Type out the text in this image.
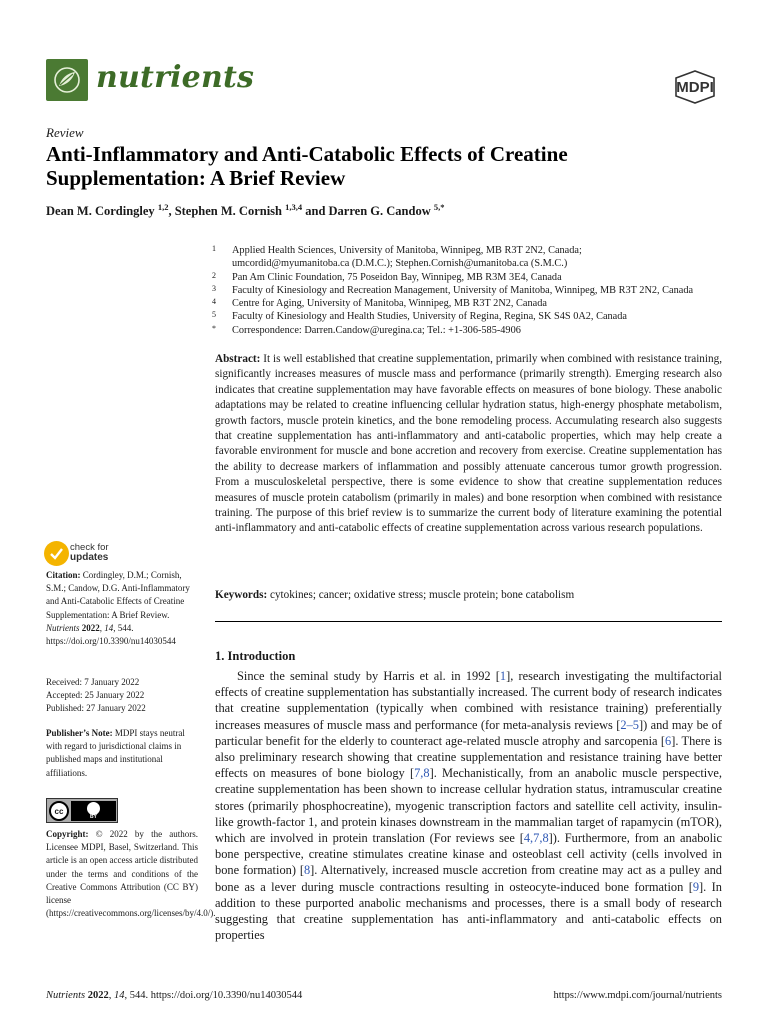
nutrients	MDPI
Review
Anti-Inflammatory and Anti-Catabolic Effects of Creatine Supplementation: A Brief Review
Dean M. Cordingley $^{1,2}$, Stephen M. Cornish $^{1,3,4}$ and Darren G. Candow $^{5,*}$
1 Applied Health Sciences, University of Manitoba, Winnipeg, MB R3T 2N2, Canada;
umcordid@myumanitoba.ca (D.M.C.); Stephen.Cornish@umanitoba.ca (S.M.C.)
2 Pan Am Clinic Foundation, 75 Poseidon Bay, Winnipeg, MB R3M 3E4, Canada
3 Faculty of Kinesiology and Recreation Management, University of Manitoba, Winnipeg, MB R3T 2N2, Canada
4 Centre for Aging, University of Manitoba, Winnipeg, MB R3T 2N2, Canada
5 Faculty of Kinesiology and Health Studies, University of Regina, Regina, SK S4S 0A2, Canada
* Correspondence: Darren.Candow@uregina.ca; Tel.: +1-306-585-4906
Abstract: It is well established that creatine supplementation, primarily when combined with resistance training, significantly increases measures of muscle mass and performance (primarily strength). Emerging research also indicates that creatine supplementation may have favorable effects on measures of bone biology. These anabolic adaptations may be related to creatine influencing cellular hydration status, high-energy phosphate metabolism, growth factors, muscle protein kinetics, and the bone remodeling process. Accumulating research also suggests that creatine supplementation has anti-inflammatory and anti-catabolic properties, which may help create a favorable environment for muscle and bone accretion and recovery from exercise. Creatine supplementation has the ability to decrease markers of inflammation and possibly attenuate cancerous tumor growth progression. From a musculoskeletal perspective, there is some evidence to show that creatine supplementation reduces measures of muscle protein catabolism (primarily in males) and bone resorption when combined with resistance training. The purpose of this brief review is to summarize the current body of literature examining the potential anti-inflammatory and anti-catabolic effects of creatine supplementation across various research populations.
Keywords: cytokines; cancer; oxidative stress; muscle protein; bone catabolism
1. Introduction
Since the seminal study by Harris et al. in 1992 [1], research investigating the multifactorial effects of creatine supplementation has substantially increased. The current body of research indicates that creatine supplementation (typically when combined with resistance training) preferentially increases measures of muscle mass and performance (for meta-analysis reviews [2–5]) and may be of particular benefit for the elderly to counteract age-related muscle atrophy and sarcopenia [6]. There is also preliminary research showing that creatine supplementation and resistance training have better effects on measures of bone biology [7,8]. Mechanistically, from an anabolic muscle perspective, creatine supplementation has been shown to increase cellular hydration status, intramuscular creatine stores (primarily phosphocreatine), myogenic transcription factors and satellite cell activity, insulin-like growth-factor 1, and protein kinases downstream in the mammalian target of rapamycin (mTOR), which are involved in protein translation (For reviews see [4,7,8]). Furthermore, from an anabolic bone perspective, creatine stimulates creatine kinase and osteoblast cell activity (cells involved in bone formation) [8]. Alternatively, increased muscle accretion from creatine may act as a pulley and bone as a lever during muscle contractions resulting in osteocyte-induced bone formation [9]. In addition to these purported anabolic mechanisms and processes, there is a small body of research suggesting that creatine supplementation has anti-inflammatory and anti-catabolic effects on properties
check for
updates
Citation: Cordingley, D.M.; Cornish, S.M.; Candow, D.G. Anti-Inflammatory and Anti-Catabolic Effects of Creatine Supplementation: A Brief Review. Nutrients 2022, 14, 544. https://doi.org/10.3390/nu14030544
Received: 7 January 2022
Accepted: 25 January 2022
Published: 27 January 2022
Publisher’s Note: MDPI stays neutral with regard to jurisdictional claims in published maps and institutional affiliations.
cc
BY
Copyright: © 2022 by the authors. Licensee MDPI, Basel, Switzerland. This article is an open access article distributed under the terms and conditions of the Creative Commons Attribution (CC BY) license (https://creativecommons.org/licenses/by/4.0/).
Nutrients 2022, 14, 544. https://doi.org/10.3390/nu14030544	https://www.mdpi.com/journal/nutrients
